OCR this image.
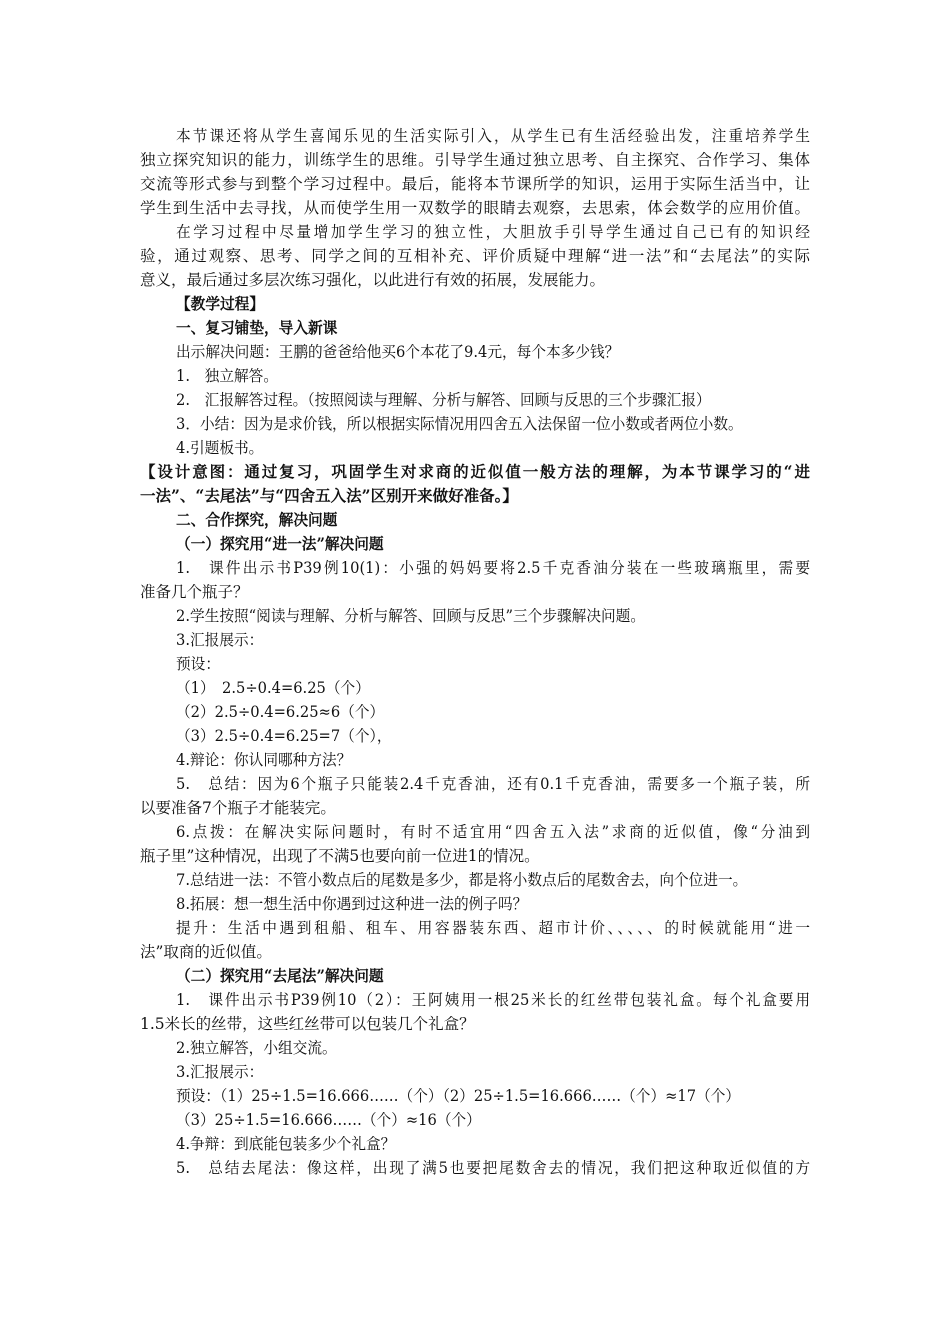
本节课还将从学生喜闻乐见的生活实际引入，从学生已有生活经验出发，注重培养学生
独立探究知识的能力，训练学生的思维。引导学生通过独立思考、自主探究、合作学习、集体
交流等形式参与到整个学习过程中。最后，能将本节课所学的知识，运用于实际生活当中，让
学生到生活中去寻找，从而使学生用一双数学的眼睛去观察，去思索，体会数学的应用价值。
在学习过程中尽量增加学生学习的独立性，大胆放手引导学生通过自己已有的知识经
验，通过观察、思考、同学之间的互相补充、评价质疑中理解“进一法”和“去尾法”的实际
意义，最后通过多层次练习强化，以此进行有效的拓展，发展能力。
【教学过程】
一、复习铺垫，导入新课
出示解决问题：王鹏的爸爸给他买6个本花了9.4元，每个本多少钱？
1.　独立解答。
2.　汇报解答过程。（按照阅读与理解、分析与解答、回顾与反思的三个步骤汇报）
3．小结：因为是求价钱，所以根据实际情况用四舍五入法保留一位小数或者两位小数。
4.引题板书。
【设计意图：通过复习，巩固学生对求商的近似值一般方法的理解，为本节课学习的“进
一法”、“去尾法”与“四舍五入法”区别开来做好准备。】
二、合作探究，解决问题
（一）探究用“进一法”解决问题
1.　课件出示书P39例10(1)：小强的妈妈要将2.5千克香油分装在一些玻璃瓶里，需要
准备几个瓶子？
2.学生按照“阅读与理解、分析与解答、回顾与反思”三个步骤解决问题。
3.汇报展示：
预设：
（1）　2.5÷0.4=6.25（个）
（2）2.5÷0.4=6.25≈6（个）
（3）2.5÷0.4=6.25=7（个），
4.辩论：你认同哪种方法？
5.　总结：因为6个瓶子只能装2.4千克香油，还有0.1千克香油，需要多一个瓶子装，所
以要准备7个瓶子才能装完。
6.点拨：在解决实际问题时，有时不适宜用“四舍五入法”求商的近似值，像“分油到
瓶子里”这种情况，出现了不满5也要向前一位进1的情况。
7.总结进一法：不管小数点后的尾数是多少，都是将小数点后的尾数舍去，向个位进一。
8.拓展：想一想生活中你遇到过这种进一法的例子吗？
提升：生活中遇到租船、租车、用容器装东西、超市计价、、、、、的时候就能用“进一
法”取商的近似值。
（二）探究用“去尾法”解决问题
1.　课件出示书P39例10（2）：王阿姨用一根25米长的红丝带包装礼盒。每个礼盒要用
1.5米长的丝带，这些红丝带可以包装几个礼盒？
2.独立解答，小组交流。
3.汇报展示：
预设：（1）25÷1.5=16.666……（个）（2）25÷1.5=16.666……（个）≈17（个）
（3）25÷1.5=16.666……（个）≈16（个）
4.争辩：到底能包装多少个礼盒？
5.　总结去尾法：像这样，出现了满5也要把尾数舍去的情况，我们把这种取近似值的方
